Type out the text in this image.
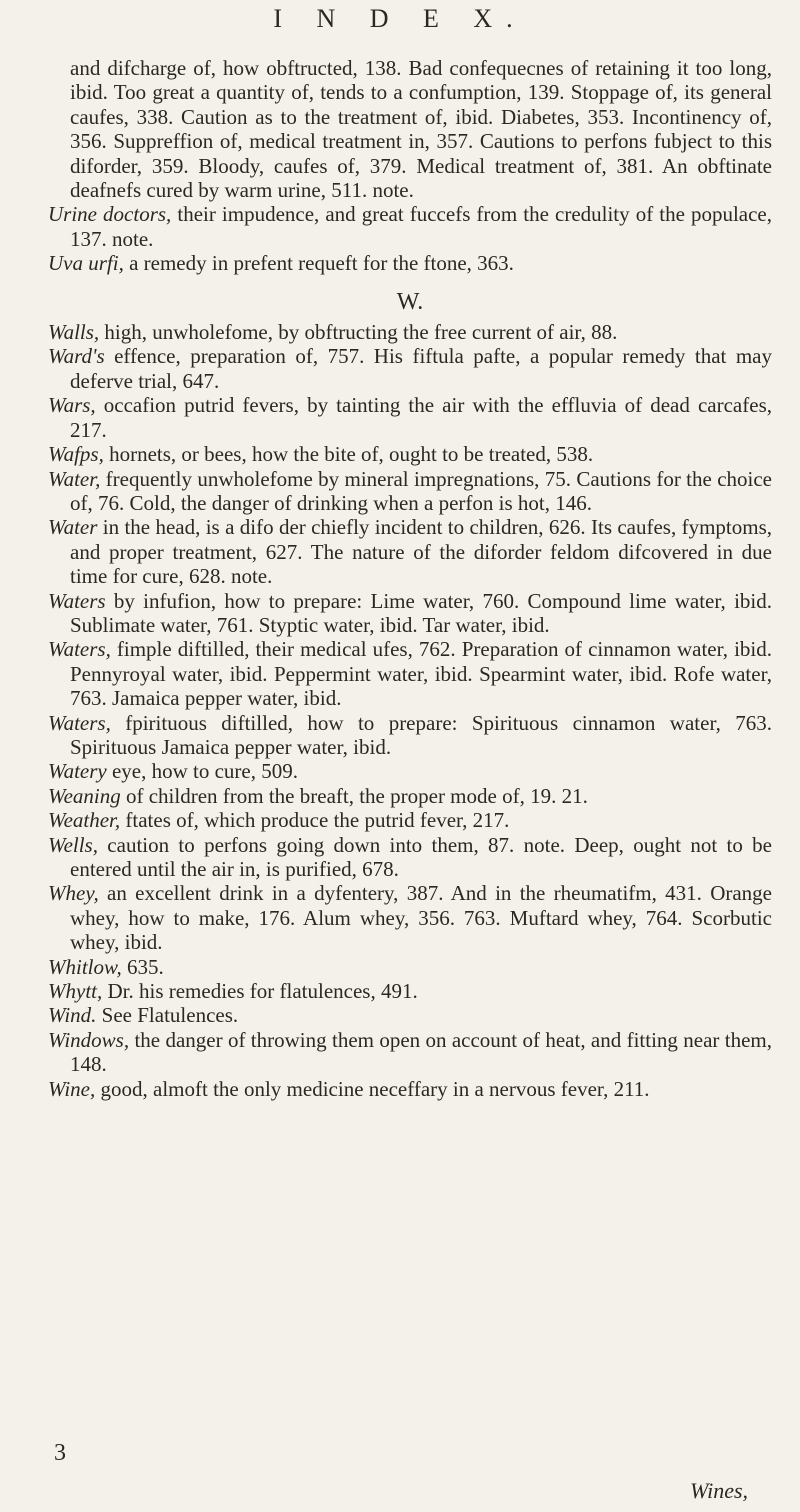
I N D E X.

and difcharge of, how obftructed, 138. Bad confequecnes of retaining it too long, ibid. Too great a quantity of, tends to a confumption, 139. Stoppage of, its general caufes, 338. Caution as to the treatment of, ibid. Diabetes, 353. Incontinency of, 356. Suppreffion of, medical treatment in, 357. Cautions to perfons fubject to this diforder, 359. Bloody, caufes of, 379. Medical treatment of, 381. An obftinate deafnefs cured by warm urine, 511. note.

Urine doctors, their impudence, and great fuccefs from the credulity of the populace, 137. note.

Uva urfi, a remedy in prefent requeft for the ftone, 363.

W.

Walls, high, unwholefome, by obftructing the free current of air, 88.

Ward's effence, preparation of, 757. His fiftula pafte, a popular remedy that may deferve trial, 647.

Wars, occafion putrid fevers, by tainting the air with the effluvia of dead carcafes, 217.

Wafps, hornets, or bees, how the bite of, ought to be treated, 538.

Water, frequently unwholefome by mineral impregnations, 75. Cautions for the choice of, 76. Cold, the danger of drinking when a perfon is hot, 146.

Water in the head, is a difo der chiefly incident to children, 626. Its caufes, fymptoms, and proper treatment, 627. The nature of the diforder feldom difcovered in due time for cure, 628. note.

Waters by infufion, how to prepare: Lime water, 760. Compound lime water, ibid. Sublimate water, 761. Styptic water, ibid. Tar water, ibid.

Waters, fimple diftilled, their medical ufes, 762. Preparation of cinnamon water, ibid. Pennyroyal water, ibid. Peppermint water, ibid. Spearmint water, ibid. Rofe water, 763. Jamaica pepper water, ibid.

Waters, fpirituous diftilled, how to prepare: Spirituous cinnamon water, 763. Spirituous Jamaica pepper water, ibid.

Watery eye, how to cure, 509.

Weaning of children from the breaft, the proper mode of, 19. 21.

Weather, ftates of, which produce the putrid fever, 217.

Wells, caution to perfons going down into them, 87. note. Deep, ought not to be entered until the air in, is purified, 678.

Whey, an excellent drink in a dyfentery, 387. And in the rheumatifm, 431. Orange whey, how to make, 176. Alum whey, 356. 763. Muftard whey, 764. Scorbutic whey, ibid.

Whitlow, 635.

Whytt, Dr. his remedies for flatulences, 491.

Wind. See Flatulences.

Windows, the danger of throwing them open on account of heat, and fitting near them, 148.

Wine, good, almoft the only medicine neceffary in a nervous fever, 211.

3
Wines,
